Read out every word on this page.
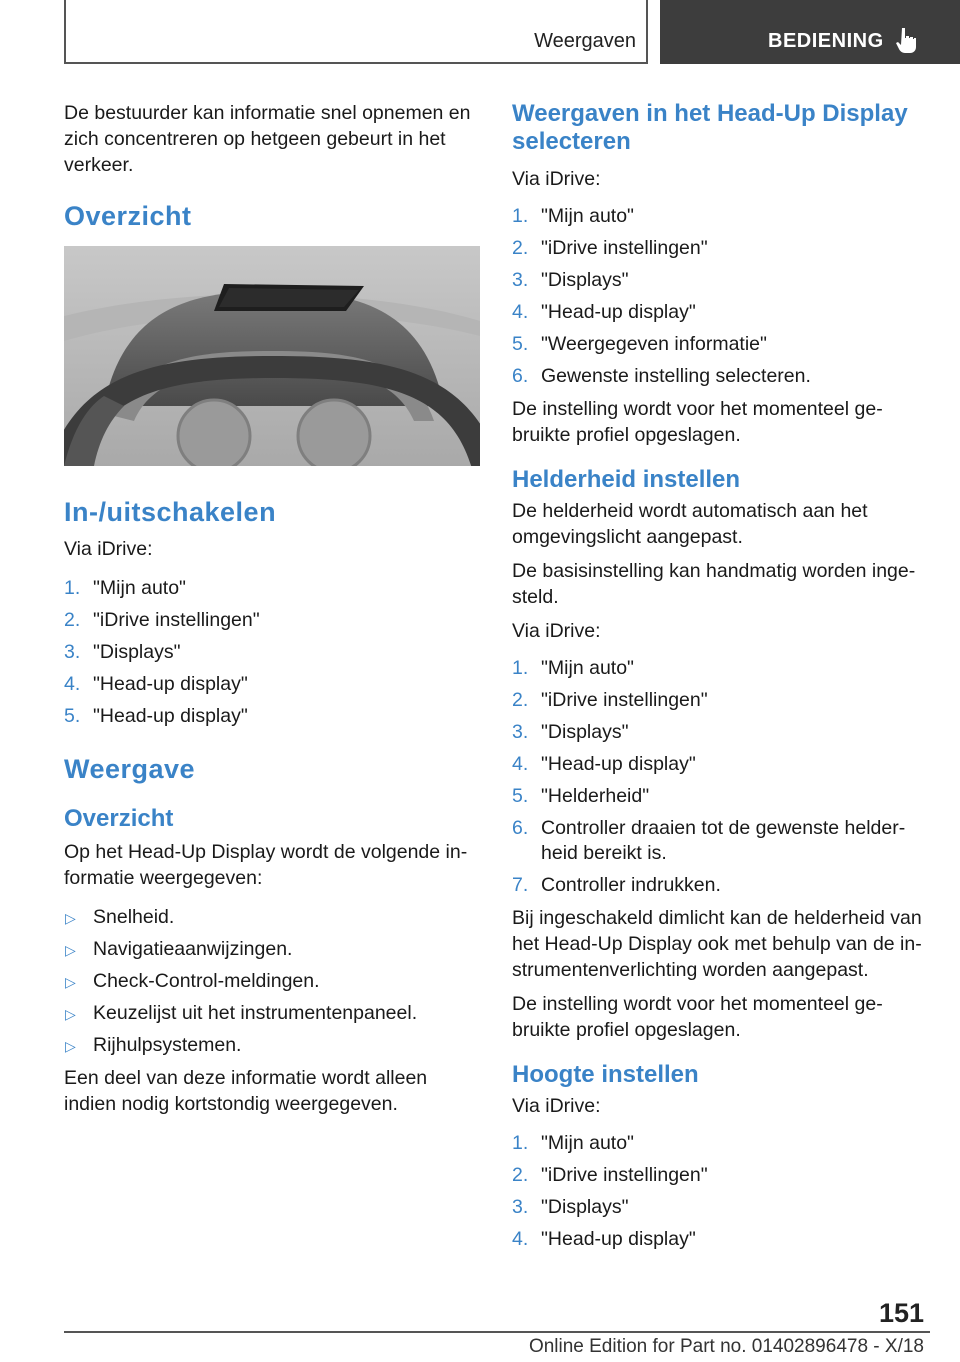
Weergaven	BEDIENING

De bestuurder kan informatie snel opnemen en zich concentreren op hetgeen gebeurt in het verkeer.

Overzicht
In-/uitschakelen

Via iDrive:

1. "Mijn auto"
2. "iDrive instellingen"
3. "Displays"
4. "Head-up display"
5. "Head-up display"
Weergave
Overzicht

Op het Head-Up Display wordt de volgende informatie weergegeven:

▷ Snelheid.
▷ Navigatieaanwijzingen.
▷ Check-Control-meldingen.
▷ Keuzelijst uit het instrumentenpaneel.
▷ Rijhulpsystemen.

Een deel van deze informatie wordt alleen indien nodig kortstondig weergegeven.

Weergaven in het Head-Up Display selecteren

Via iDrive:

1. "Mijn auto"
2. "iDrive instellingen"
3. "Displays"
4. "Head-up display"
5. "Weergegeven informatie"
6. Gewenste instelling selecteren.

De instelling wordt voor het momenteel gebruikte profiel opgeslagen.

Helderheid instellen

De helderheid wordt automatisch aan het omgevingslicht aangepast.

De basisinstelling kan handmatig worden ingesteld.

Via iDrive:

1. "Mijn auto"
2. "iDrive instellingen"
3. "Displays"
4. "Head-up display"
5. "Helderheid"
6. Controller draaien tot de gewenste helderheid bereikt is.
7. Controller indrukken.

Bij ingeschakeld dimlicht kan de helderheid van het Head-Up Display ook met behulp van de instrumentenverlichting worden aangepast.

De instelling wordt voor het momenteel gebruikte profiel opgeslagen.

Hoogte instellen

Via iDrive:

1. "Mijn auto"
2. "iDrive instellingen"
3. "Displays"
4. "Head-up display"
151
Online Edition for Part no. 01402896478 - X/18
